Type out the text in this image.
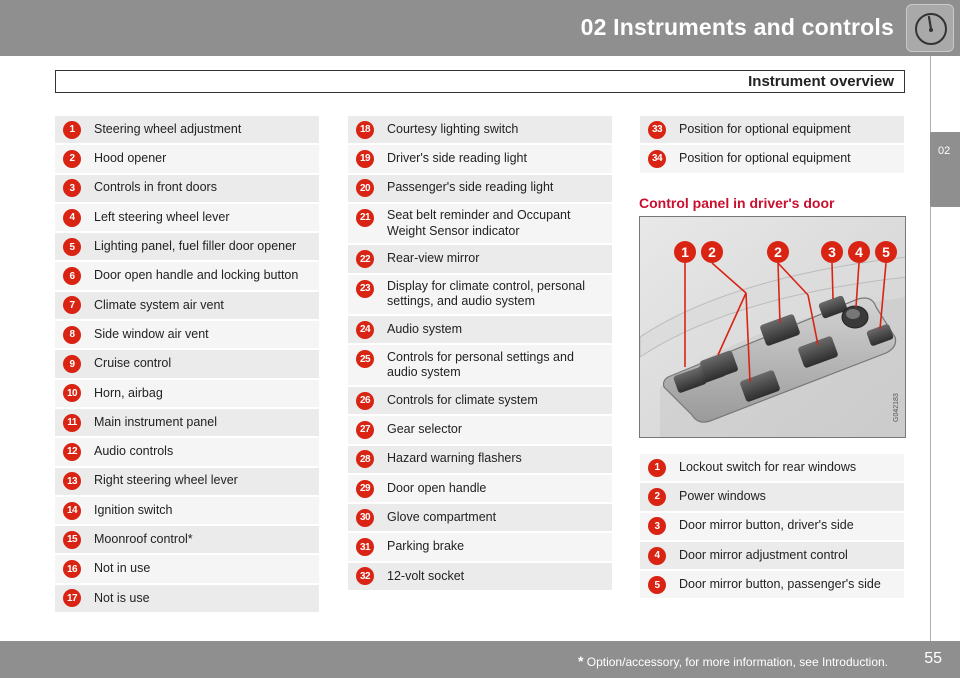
02 Instruments and controls
Instrument overview
02
1	Steering wheel adjustment
2	Hood opener
3	Controls in front doors
4	Left steering wheel lever
5	Lighting panel, fuel filler door opener
6	Door open handle and locking button
7	Climate system air vent
8	Side window air vent
9	Cruise control
10	Horn, airbag
11	Main instrument panel
12	Audio controls
13	Right steering wheel lever
14	Ignition switch
15	Moonroof control*
16	Not in use
17	Not is use
18	Courtesy lighting switch
19	Driver's side reading light
20	Passenger's side reading light
21	Seat belt reminder and Occupant Weight Sensor indicator
22	Rear-view mirror
23	Display for climate control, personal settings, and audio system
24	Audio system
25	Controls for personal settings and audio system
26	Controls for climate system
27	Gear selector
28	Hazard warning flashers
29	Door open handle
30	Glove compartment
31	Parking brake
32	12-volt socket
33	Position for optional equipment
34	Position for optional equipment
Control panel in driver's door
1 2	2	3 4 5
G042183
1	Lockout switch for rear windows
2	Power windows
3	Door mirror button, driver's side
4	Door mirror adjustment control
5	Door mirror button, passenger's side
* Option/accessory, for more information, see Introduction. 55
